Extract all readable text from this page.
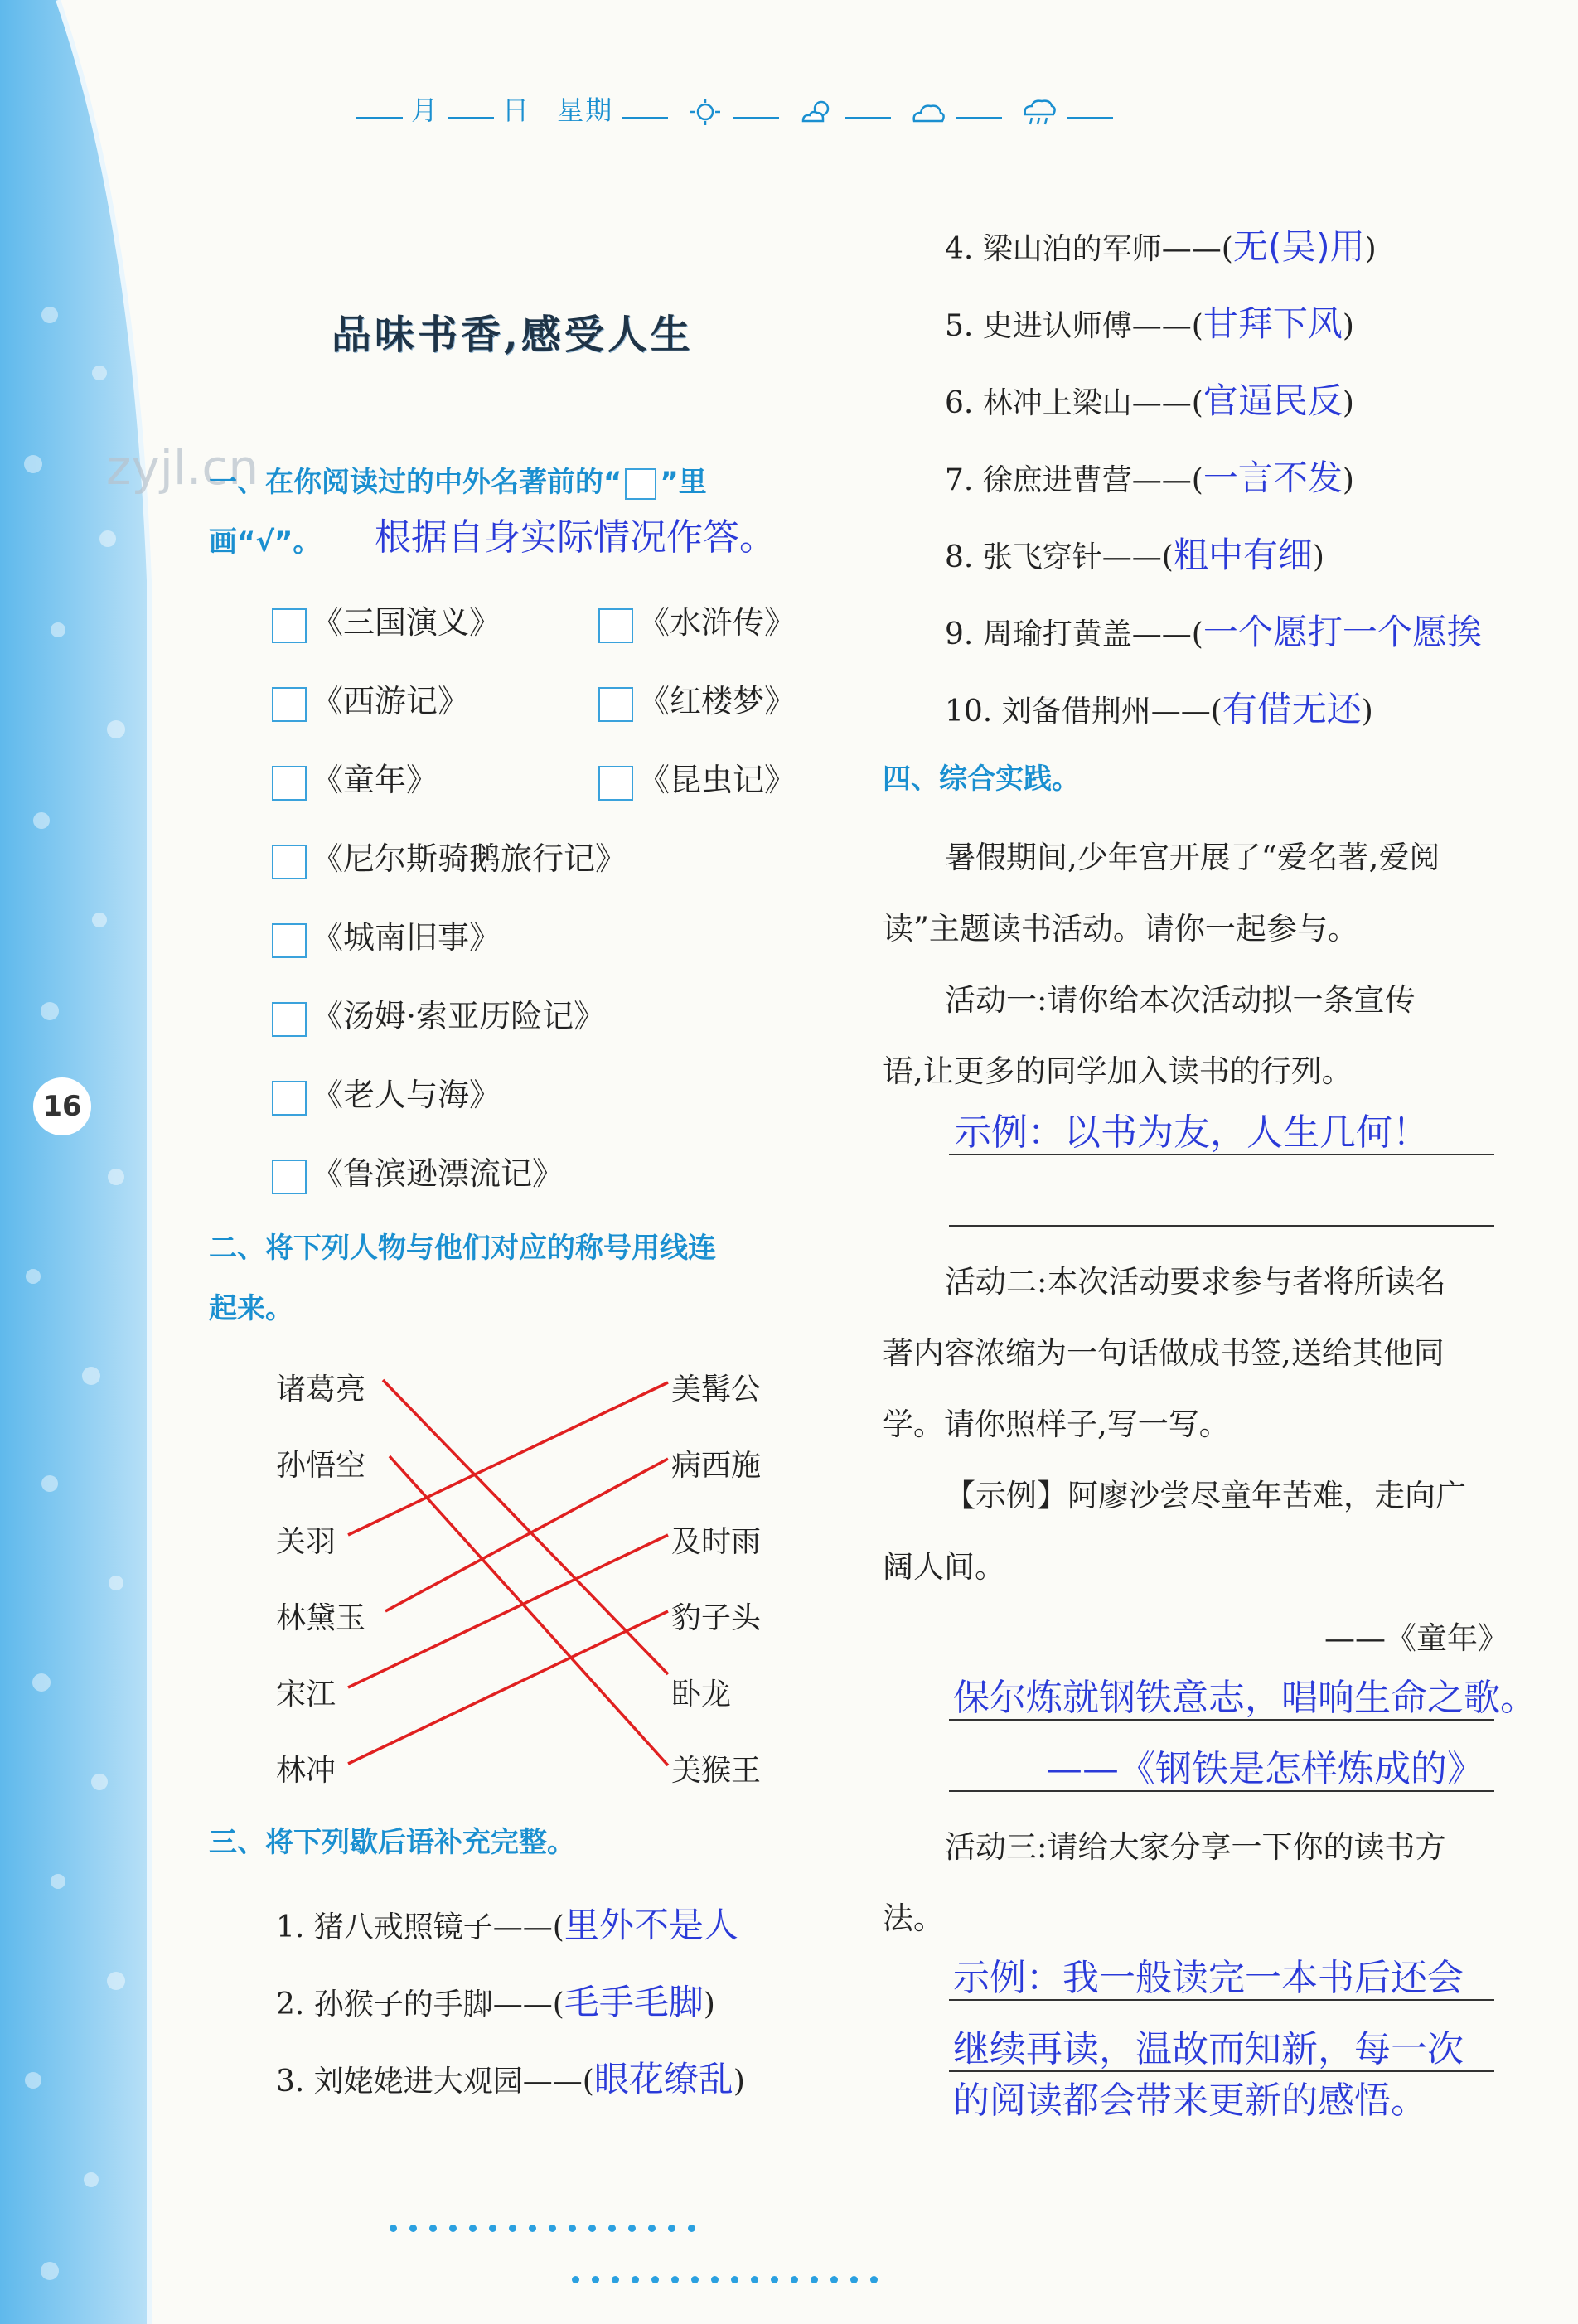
16
月 日 星期
品味书香,感受人生
zyjl.cn
一、在你阅读过的中外名著前的“ ”里
画“√”。 根据自身实际情况作答。
《三国演义》	《水浒传》
《西游记》	《红楼梦》
《童年》	《昆虫记》
《尼尔斯骑鹅旅行记》
《城南旧事》
《汤姆·索亚历险记》
《老人与海》
《鲁滨逊漂流记》
二、将下列人物与他们对应的称号用线连
起来。
诸葛亮
孙悟空
关羽
林黛玉
宋江
林冲
美髯公
病西施
及时雨
豹子头
卧龙
美猴王
三、将下列歇后语补充完整。
1. 猪八戒照镜子——(里外不是人
2. 孙猴子的手脚——(毛手毛脚)
3. 刘姥姥进大观园——(眼花缭乱)
4. 梁山泊的军师——(无(吴)用)
5. 史进认师傅——(甘拜下风)
6. 林冲上梁山——(官逼民反)
7. 徐庶进曹营——(一言不发)
8. 张飞穿针——(粗中有细)
9. 周瑜打黄盖——(一个愿打一个愿挨
10. 刘备借荆州——(有借无还)
四、综合实践。
暑假期间,少年宫开展了“爱名著,爱阅
读”主题读书活动。请你一起参与。
活动一:请你给本次活动拟一条宣传
语,让更多的同学加入读书的行列。
示例：以书为友，人生几何！
活动二:本次活动要求参与者将所读名
著内容浓缩为一句话做成书签,送给其他同
学。请你照样子,写一写。
【示例】阿廖沙尝尽童年苦难，走向广
阔人间。
——《童年》
保尔炼就钢铁意志，唱响生命之歌。
——《钢铁是怎样炼成的》
活动三:请给大家分享一下你的读书方
法。
示例：我一般读完一本书后还会
继续再读，温故而知新，每一次
的阅读都会带来更新的感悟。
